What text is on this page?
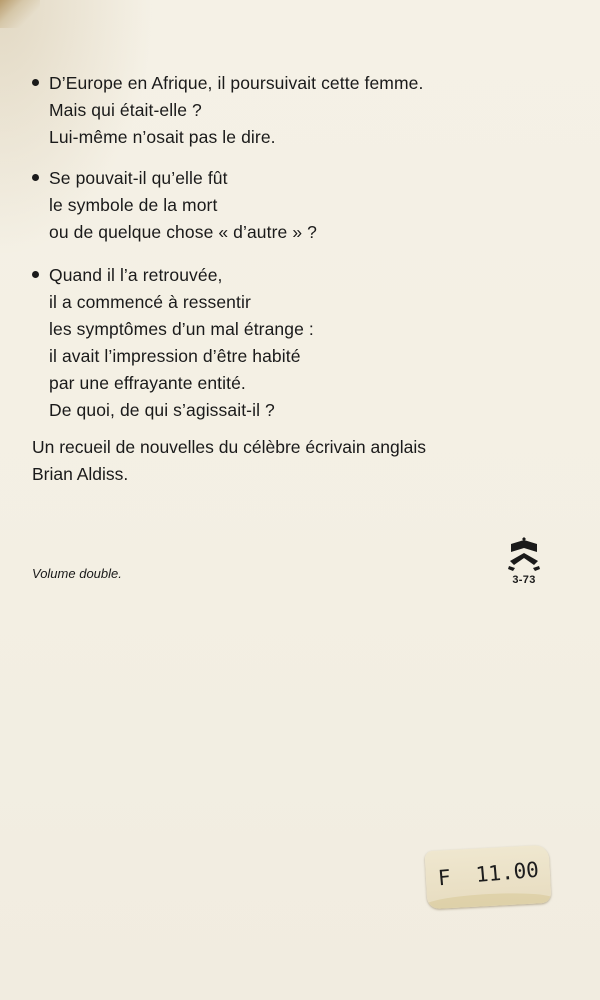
D’Europe en Afrique, il poursuivait cette femme.
Mais qui était-elle ?
Lui-même n’osait pas le dire.
Se pouvait-il qu’elle fût
le symbole de la mort
ou de quelque chose « d’autre » ?
Quand il l’a retrouvée,
il a commencé à ressentir
les symptômes d’un mal étrange :
il avait l’impression d’être habité
par une effrayante entité.
De quoi, de qui s’agissait-il ?
Un recueil de nouvelles du célèbre écrivain anglais
Brian Aldiss.
Volume double.	3-73
F  11.00
